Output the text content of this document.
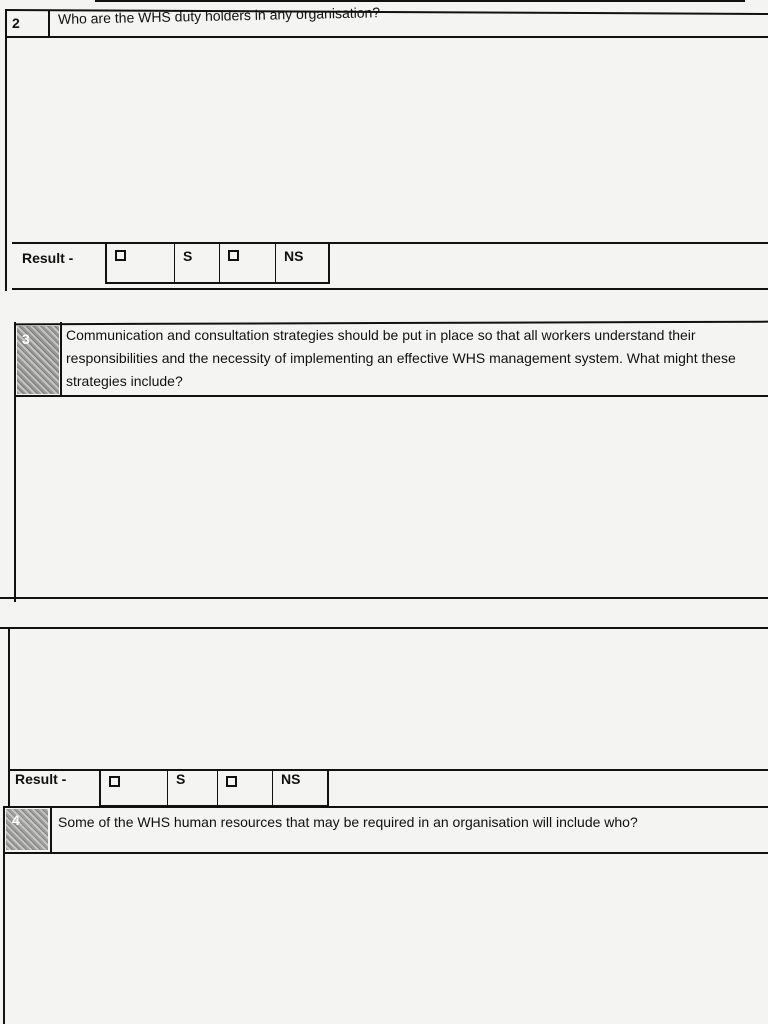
2	Who are the WHS duty holders in any organisation?
Result -	S	NS
3	Communication and consultation strategies should be put in place so that all workers understand their responsibilities and the necessity of implementing an effective WHS management system. What might these strategies include?
Result -	S	NS
4	Some of the WHS human resources that may be required in an organisation will include who?
